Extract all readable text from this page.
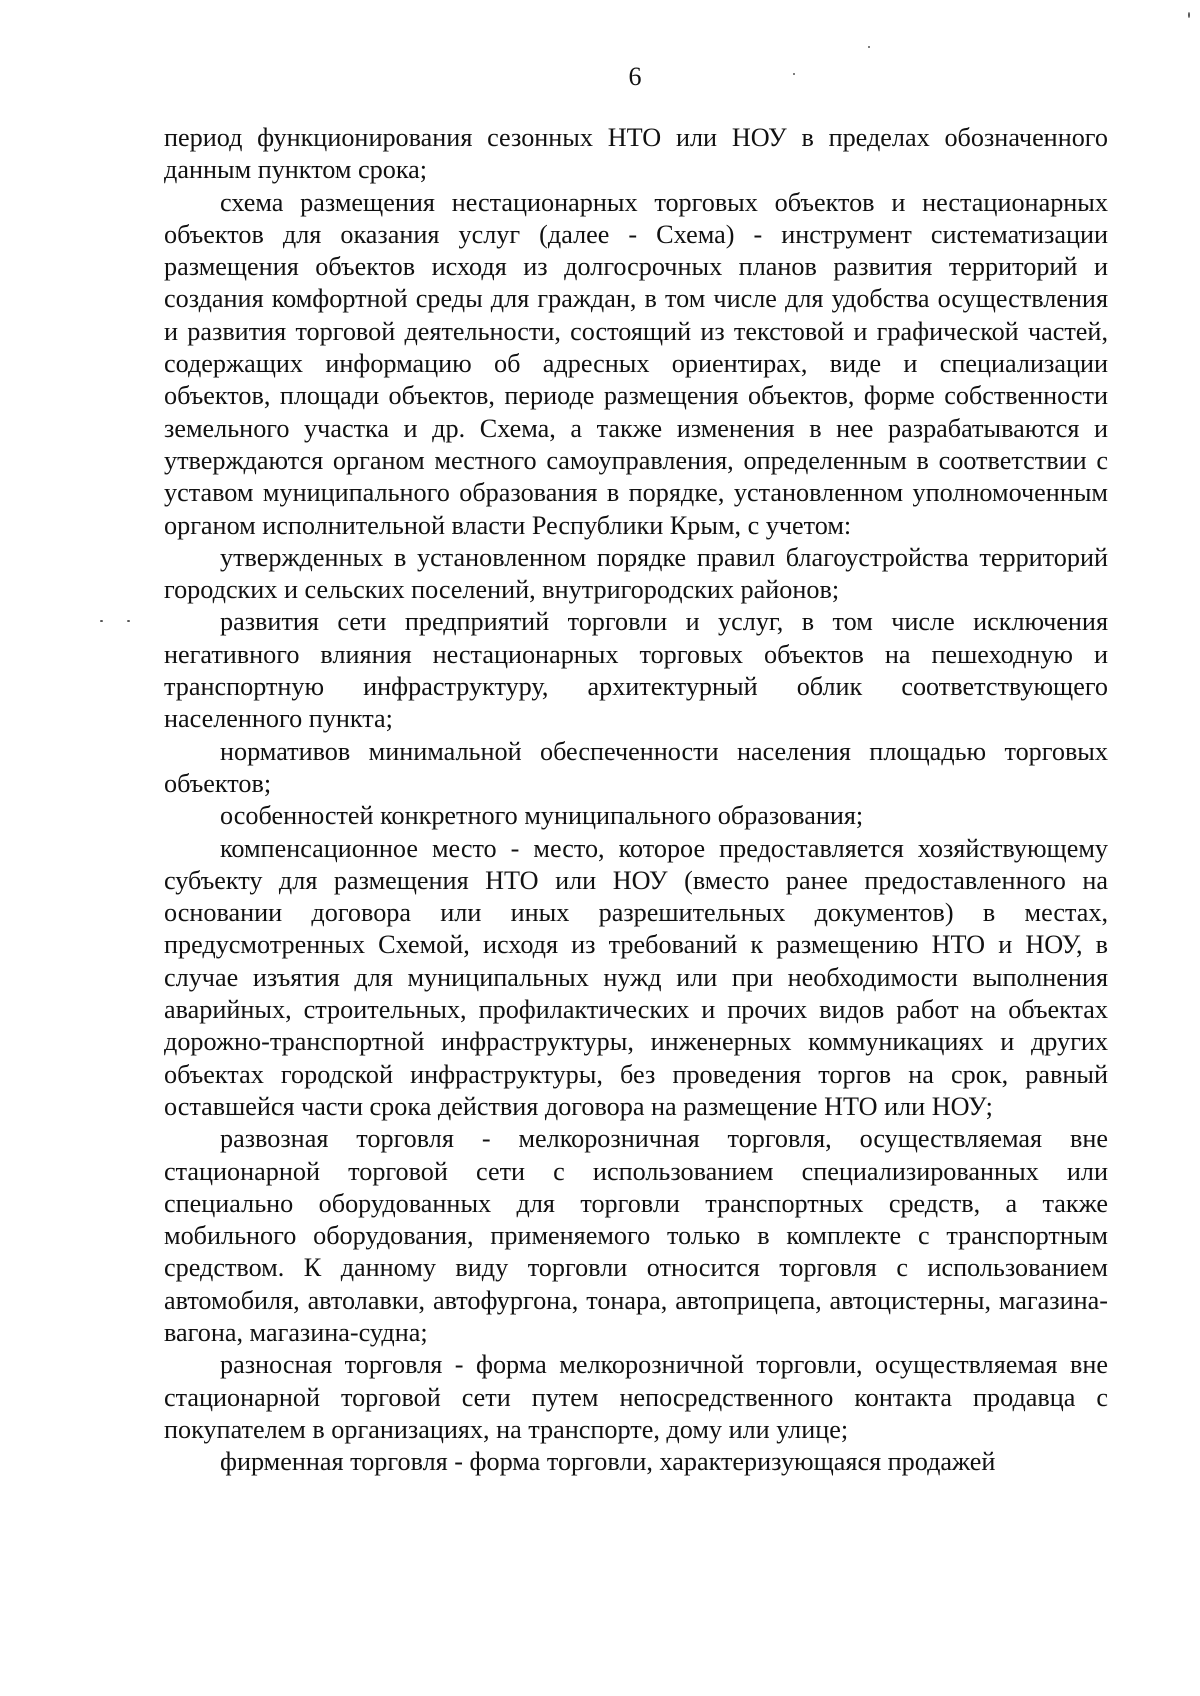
6

период функционирования сезонных НТО или НОУ в пределах обозначенного данным пунктом срока;

схема размещения нестационарных торговых объектов и нестационарных объектов для оказания услуг (далее - Схема) - инструмент систематизации размещения объектов исходя из долгосрочных планов развития территорий и создания комфортной среды для граждан, в том числе для удобства осуществления и развития торговой деятельности, состоящий из текстовой и графической частей, содержащих информацию об адресных ориентирах, виде и специализации объектов, площади объектов, периоде размещения объектов, форме собственности земельного участка и др. Схема, а также изменения в нее разрабатываются и утверждаются органом местного самоуправления, определенным в соответствии с уставом муниципального образования в порядке, установленном уполномоченным органом исполнительной власти Республики Крым, с учетом:

утвержденных в установленном порядке правил благоустройства территорий городских и сельских поселений, внутригородских районов;

развития сети предприятий торговли и услуг, в том числе исключения негативного влияния нестационарных торговых объектов на пешеходную и транспортную инфраструктуру, архитектурный облик соответствующего населенного пункта;

нормативов минимальной обеспеченности населения площадью торговых объектов;

особенностей конкретного муниципального образования;

компенсационное место - место, которое предоставляется хозяйствующему субъекту для размещения НТО или НОУ (вместо ранее предоставленного на основании договора или иных разрешительных документов) в местах, предусмотренных Схемой, исходя из требований к размещению НТО и НОУ, в случае изъятия для муниципальных нужд или при необходимости выполнения аварийных, строительных, профилактических и прочих видов работ на объектах дорожно-транспортной инфраструктуры, инженерных коммуникациях и других объектах городской инфраструктуры, без проведения торгов на срок, равный оставшейся части срока действия договора на размещение НТО или НОУ;

развозная торговля - мелкорозничная торговля, осуществляемая вне стационарной торговой сети с использованием специализированных или специально оборудованных для торговли транспортных средств, а также мобильного оборудования, применяемого только в комплекте с транспортным средством. К данному виду торговли относится торговля с использованием автомобиля, автолавки, автофургона, тонара, автоприцепа, автоцистерны, магазина-вагона, магазина-судна;

разносная торговля - форма мелкорозничной торговли, осуществляемая вне стационарной торговой сети путем непосредственного контакта продавца с покупателем в организациях, на транспорте, дому или улице;

фирменная торговля - форма торговли, характеризующаяся продажей
